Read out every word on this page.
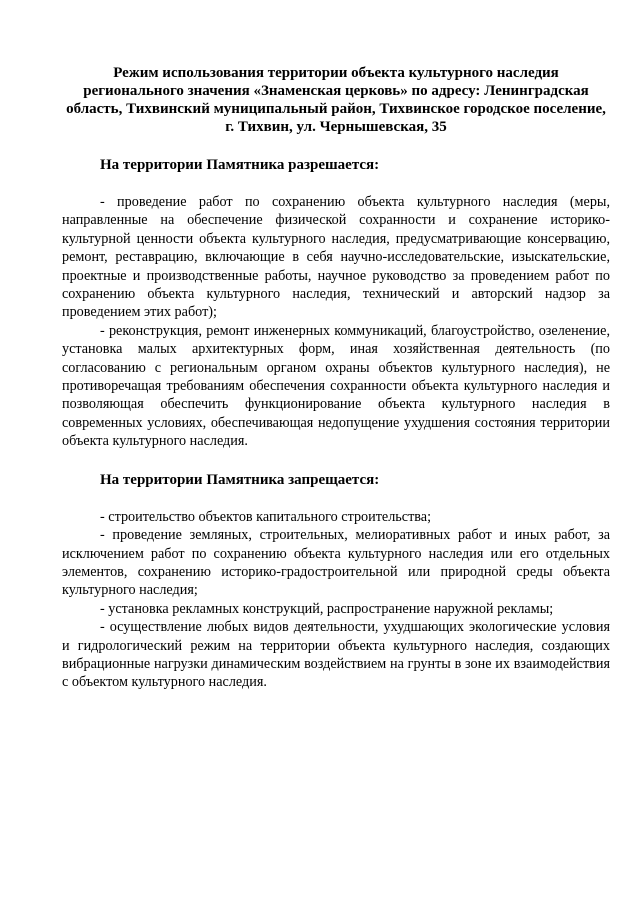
Режим использования территории объекта культурного наследия регионального значения «Знаменская церковь» по адресу: Ленинградская область, Тихвинский муниципальный район, Тихвинское городское поселение, г. Тихвин, ул. Чернышевская, 35

На территории Памятника разрешается:

- проведение работ по сохранению объекта культурного наследия (меры, направленные на обеспечение физической сохранности и сохранение историко-культурной ценности объекта культурного наследия, предусматривающие консервацию, ремонт, реставрацию, включающие в себя научно-исследовательские, изыскательские, проектные и производственные работы, научное руководство за проведением работ по сохранению объекта культурного наследия, технический и авторский надзор за проведением этих работ);

- реконструкция, ремонт инженерных коммуникаций, благоустройство, озеленение, установка малых архитектурных форм, иная хозяйственная деятельность (по согласованию с региональным органом охраны объектов культурного наследия), не противоречащая требованиям обеспечения сохранности объекта культурного наследия и позволяющая обеспечить функционирование объекта культурного наследия в современных условиях, обеспечивающая недопущение ухудшения состояния территории объекта культурного наследия.

На территории Памятника запрещается:

- строительство объектов капитального строительства;

- проведение земляных, строительных, мелиоративных работ и иных работ, за исключением работ по сохранению объекта культурного наследия или его отдельных элементов, сохранению историко-градостроительной или природной среды объекта культурного наследия;

- установка рекламных конструкций, распространение наружной рекламы;

- осуществление любых видов деятельности, ухудшающих экологические условия и гидрологический режим на территории объекта культурного наследия, создающих вибрационные нагрузки динамическим воздействием на грунты в зоне их взаимодействия с объектом культурного наследия.
